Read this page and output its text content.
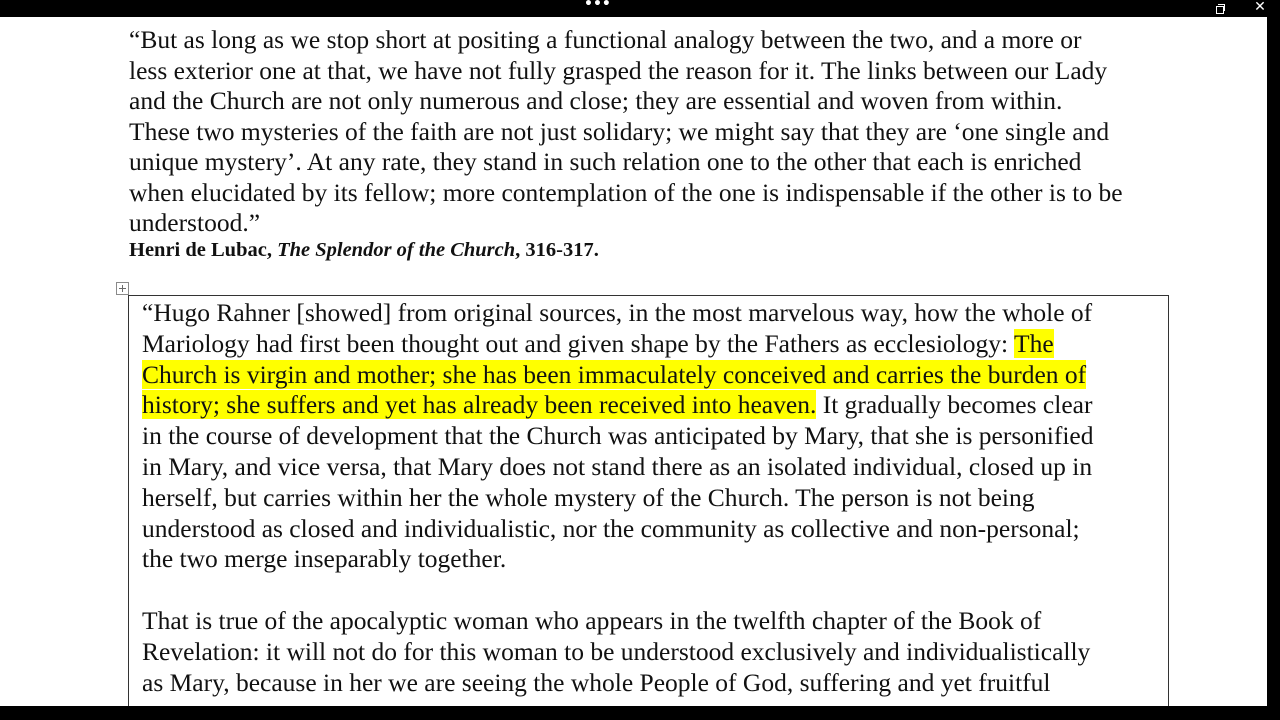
•••	✕

“But as long as we stop short at positing a functional analogy between the two, and a more or
less exterior one at that, we have not fully grasped the reason for it. The links between our Lady
and the Church are not only numerous and close; they are essential and woven from within.
These two mysteries of the faith are not just solidary; we might say that they are ‘one single and
unique mystery’. At any rate, they stand in such relation one to the other that each is enriched
when elucidated by its fellow; more contemplation of the one is indispensable if the other is to be
understood.”

Henri de Lubac, The Splendor of the Church, 316-317.

“Hugo Rahner [showed] from original sources, in the most marvelous way, how the whole of
Mariology had first been thought out and given shape by the Fathers as ecclesiology: The
Church is virgin and mother; she has been immaculately conceived and carries the burden of
history; she suffers and yet has already been received into heaven. It gradually becomes clear
in the course of development that the Church was anticipated by Mary, that she is personified
in Mary, and vice versa, that Mary does not stand there as an isolated individual, closed up in
herself, but carries within her the whole mystery of the Church. The person is not being
understood as closed and individualistic, nor the community as collective and non-personal;
the two merge inseparably together.

That is true of the apocalyptic woman who appears in the twelfth chapter of the Book of
Revelation: it will not do for this woman to be understood exclusively and individualistically
as Mary, because in her we are seeing the whole People of God, suffering and yet fruitful
